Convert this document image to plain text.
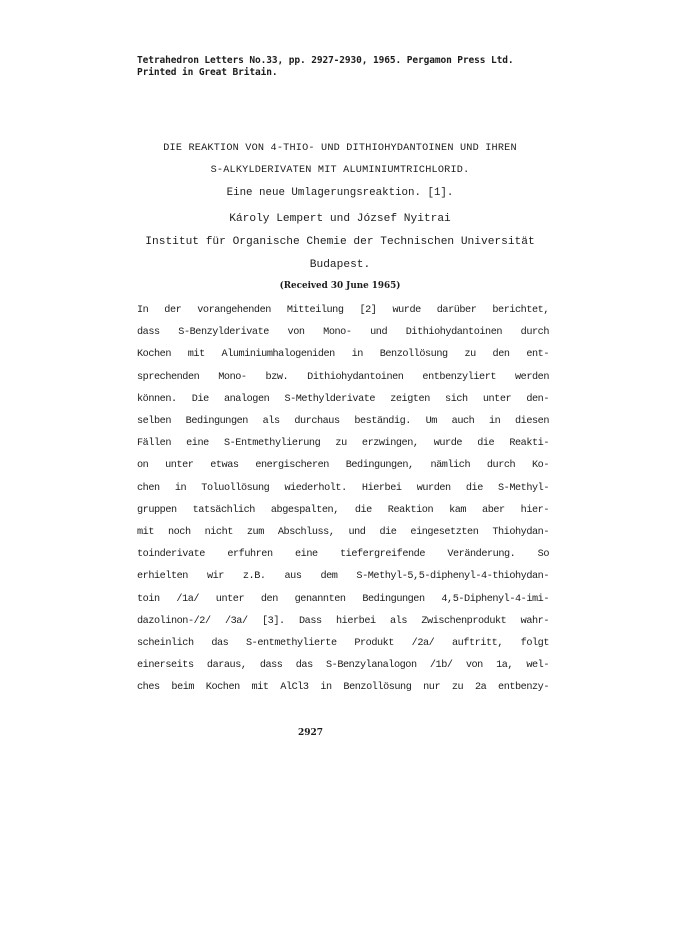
Tetrahedron Letters No.33, pp. 2927-2930, 1965. Pergamon Press Ltd.
Printed in Great Britain.
DIE REAKTION VON 4-THIO- UND DITHIOHYDANTOINEN UND IHREN
S-ALKYLDERIVATEN MIT ALUMINIUMTRICHLORID.
Eine neue Umlagerungsreaktion. [1].
Károly Lempert und József Nyitrai
Institut für Organische Chemie der Technischen Universität
Budapest.
(Received 30 June 1965)
In der vorangehenden Mitteilung [2] wurde darüber berichtet,
dass S-Benzylderivate von Mono- und Dithiohydantoinen durch
Kochen mit Aluminiumhalogeniden in Benzollösung zu den ent-
sprechenden Mono- bzw. Dithiohydantoinen entbenzyliert werden
können. Die analogen S-Methylderivate zeigten sich unter den-
selben Bedingungen als durchaus beständig. Um auch in diesen
Fällen eine S-Entmethylierung zu erzwingen, wurde die Reakti-
on unter etwas energischeren Bedingungen, nämlich durch Ko-
chen in Toluollösung wiederholt. Hierbei wurden die S-Methyl-
gruppen tatsächlich abgespalten, die Reaktion kam aber hier-
mit noch nicht zum Abschluss, und die eingesetzten Thiohydan-
toinderivate erfuhren eine tiefergreifende Veränderung. So
erhielten wir z.B. aus dem S-Methyl-5,5-diphenyl-4-thiohydan-
toin /1a/ unter den genannten Bedingungen 4,5-Diphenyl-4-imi-
dazolinon-/2/ /3a/ [3]. Dass hierbei als Zwischenprodukt wahr-
scheinlich das S-entmethylierte Produkt /2a/ auftritt, folgt
einerseits daraus, dass das S-Benzylanalogon /1b/ von 1a, wel-
ches beim Kochen mit AlCl3 in Benzollösung nur zu 2a entbenzy-
2927
